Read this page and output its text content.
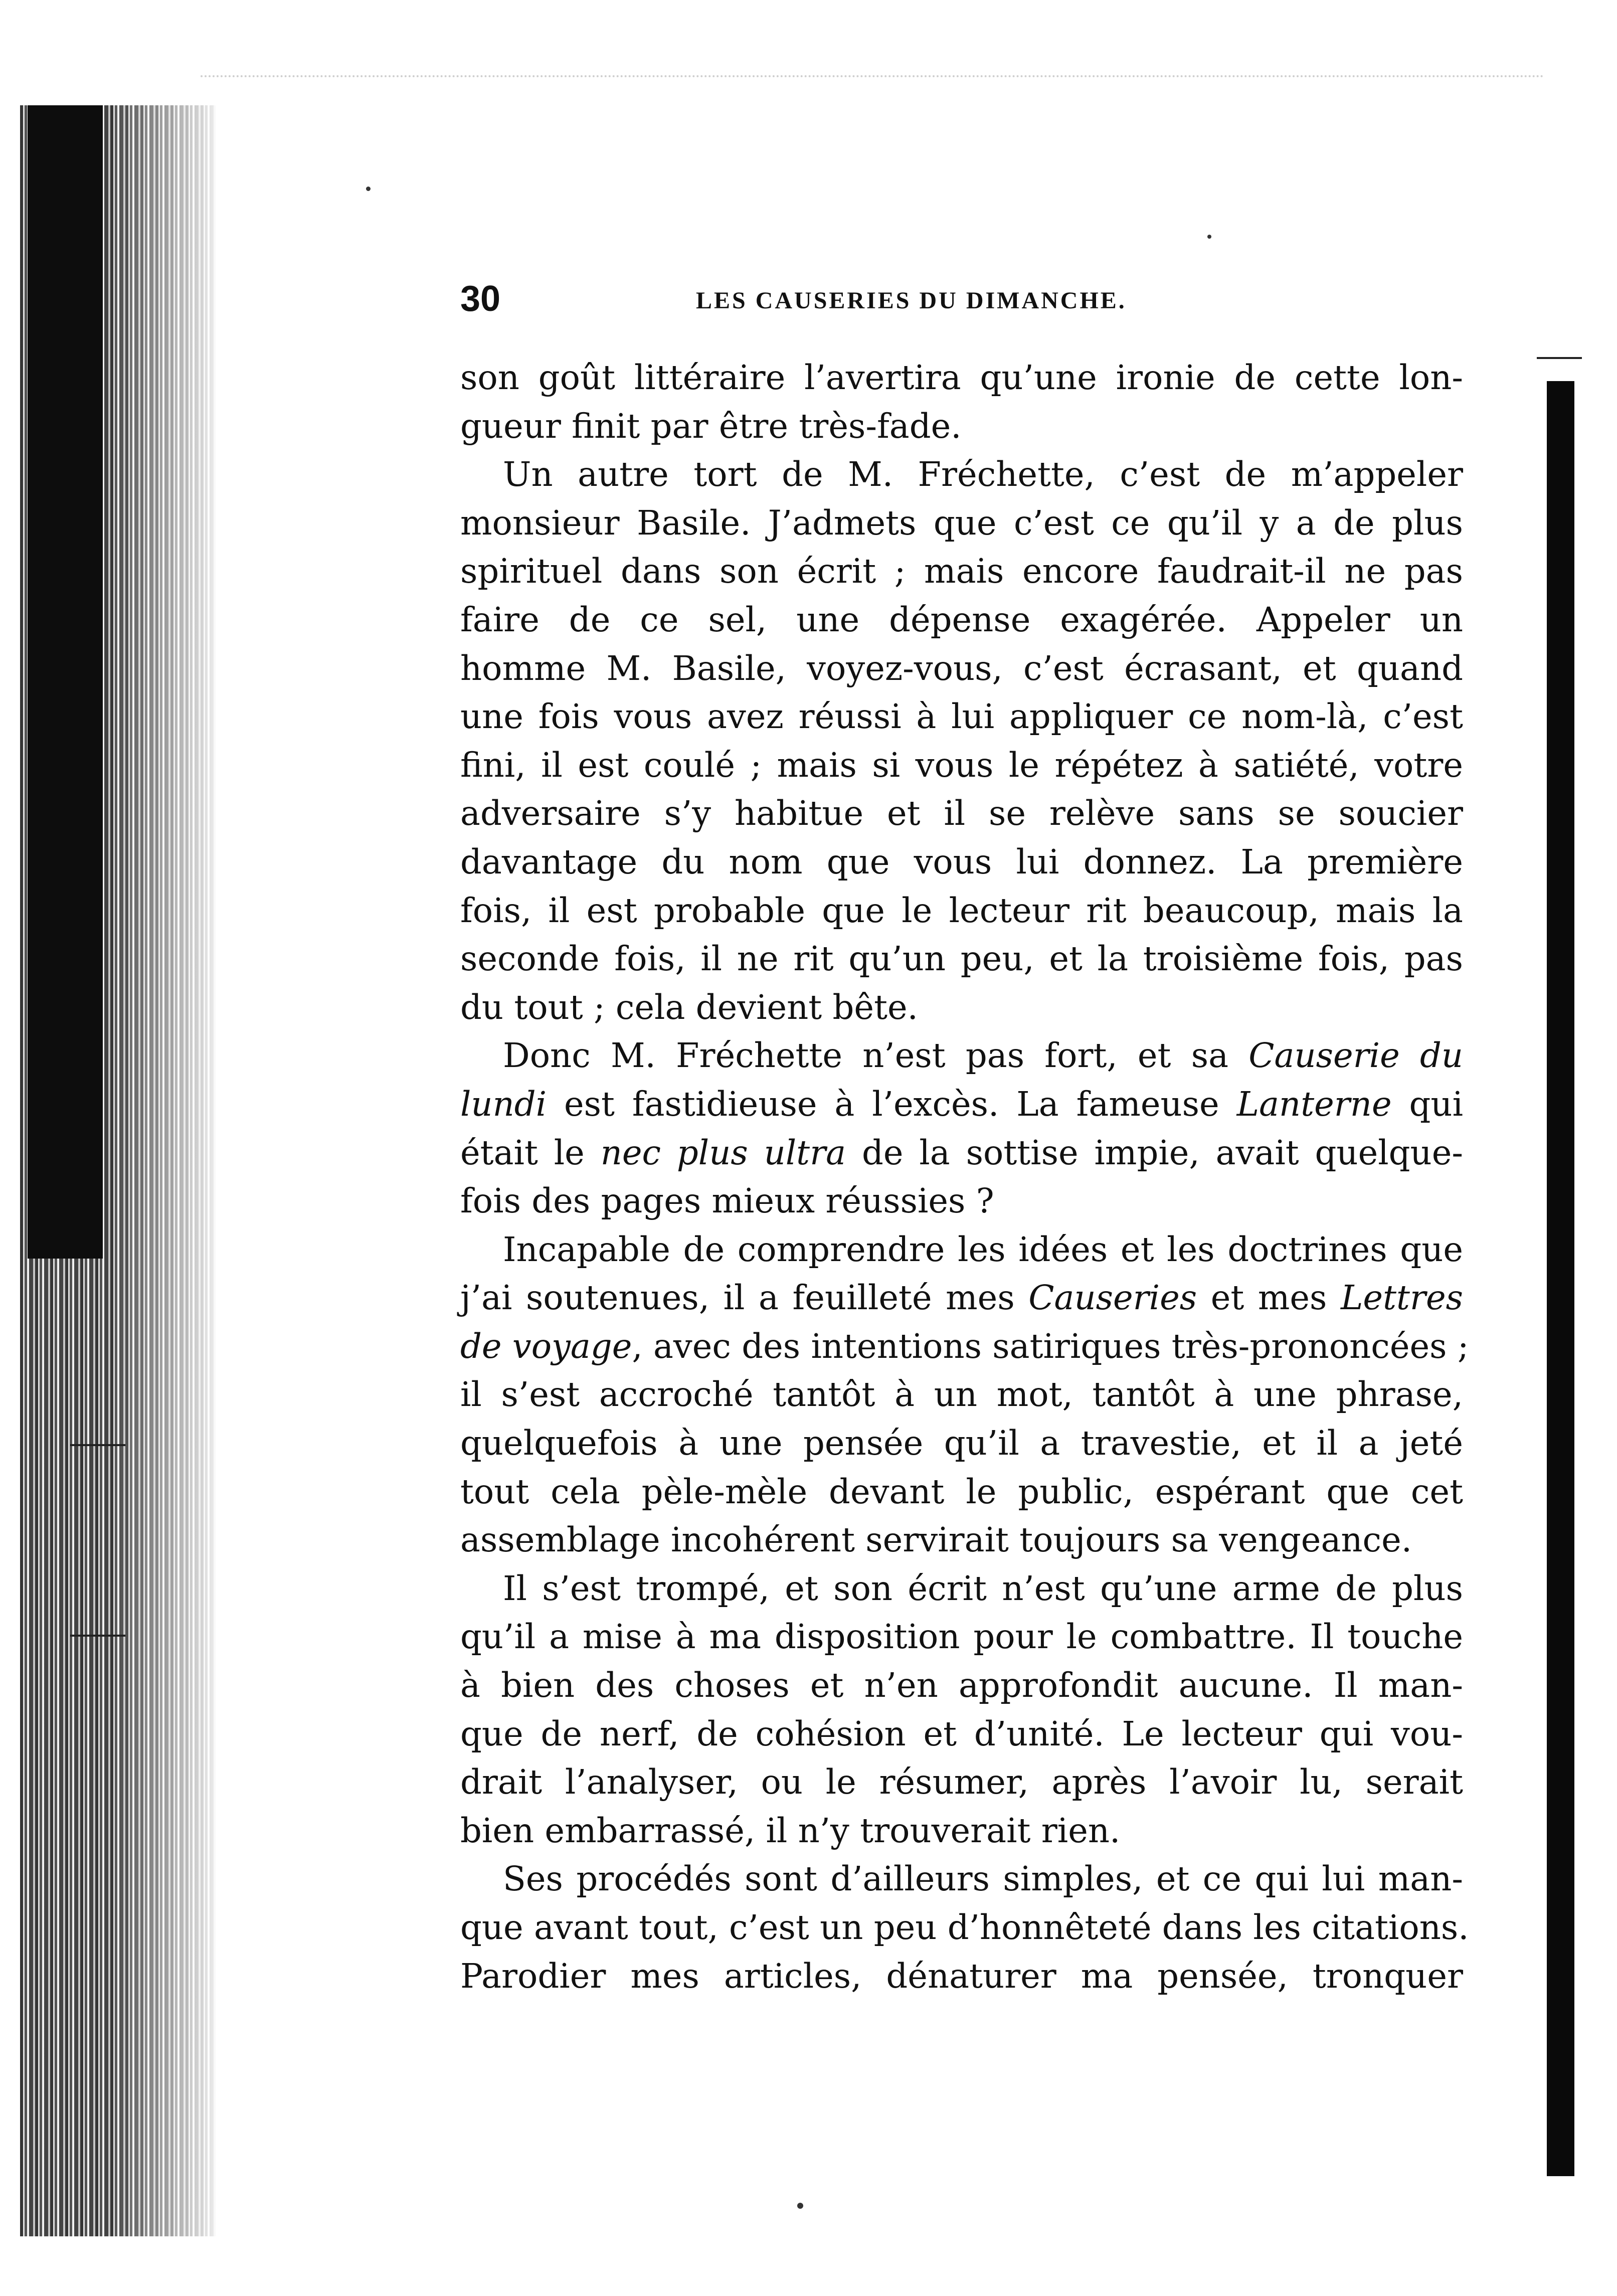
30	LES CAUSERIES DU DIMANCHE.
son goût littéraire l’avertira qu’une ironie de cette lon-
gueur finit par être très-fade.
Un autre tort de M. Fréchette, c’est de m’appeler
monsieur Basile. J’admets que c’est ce qu’il y a de plus
spirituel dans son écrit ; mais encore faudrait-il ne pas
faire de ce sel, une dépense exagérée. Appeler un
homme M. Basile, voyez-vous, c’est écrasant, et quand
une fois vous avez réussi à lui appliquer ce nom-là, c’est
fini, il est coulé ; mais si vous le répétez à satiété, votre
adversaire s’y habitue et il se relève sans se soucier
davantage du nom que vous lui donnez. La première
fois, il est probable que le lecteur rit beaucoup, mais la
seconde fois, il ne rit qu’un peu, et la troisième fois, pas
du tout ; cela devient bête.
Donc M. Fréchette n’est pas fort, et sa Causerie du
lundi est fastidieuse à l’excès. La fameuse Lanterne qui
était le nec plus ultra de la sottise impie, avait quelque-
fois des pages mieux réussies ?
Incapable de comprendre les idées et les doctrines que
j’ai soutenues, il a feuilleté mes Causeries et mes Lettres
de voyage, avec des intentions satiriques très-prononcées ;
il s’est accroché tantôt à un mot, tantôt à une phrase,
quelquefois à une pensée qu’il a travestie, et il a jeté
tout cela pèle-mèle devant le public, espérant que cet
assemblage incohérent servirait toujours sa vengeance.
Il s’est trompé, et son écrit n’est qu’une arme de plus
qu’il a mise à ma disposition pour le combattre. Il touche
à bien des choses et n’en approfondit aucune. Il man-
que de nerf, de cohésion et d’unité. Le lecteur qui vou-
drait l’analyser, ou le résumer, après l’avoir lu, serait
bien embarrassé, il n’y trouverait rien.
Ses procédés sont d’ailleurs simples, et ce qui lui man-
que avant tout, c’est un peu d’honnêteté dans les citations.
Parodier mes articles, dénaturer ma pensée, tronquer
